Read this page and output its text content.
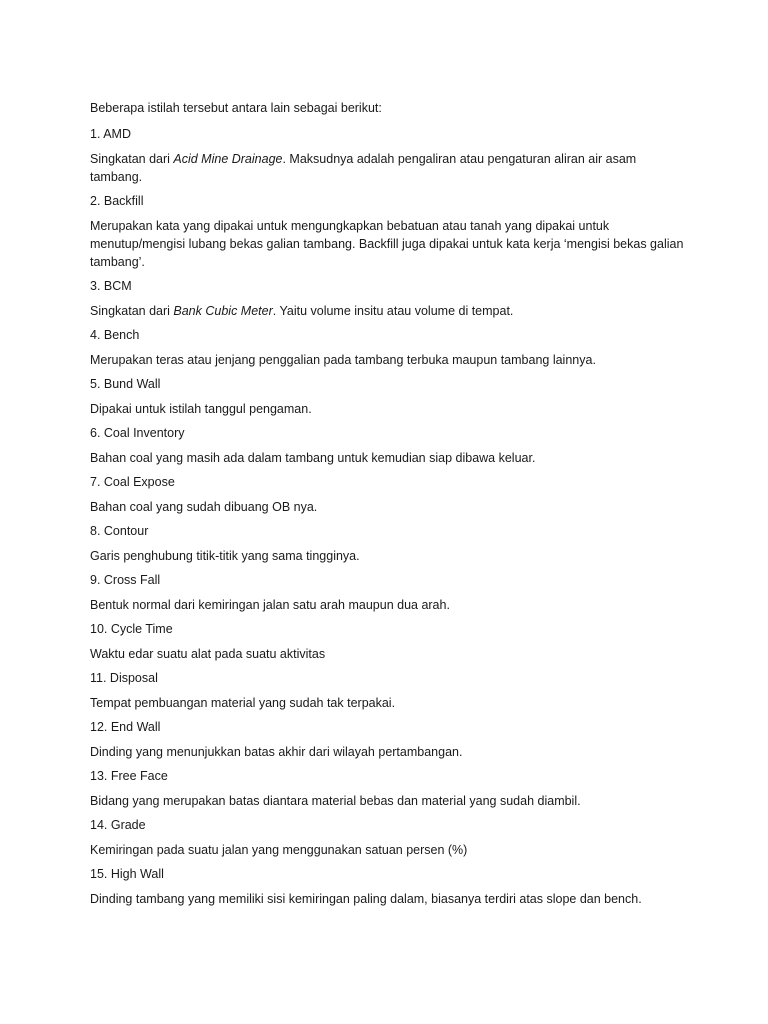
Beberapa istilah tersebut antara lain sebagai berikut:

1. AMD

Singkatan dari Acid Mine Drainage. Maksudnya adalah pengaliran atau pengaturan aliran air asam tambang.

2. Backfill

Merupakan kata yang dipakai untuk mengungkapkan bebatuan atau tanah yang dipakai untuk menutup/mengisi lubang bekas galian tambang. Backfill juga dipakai untuk kata kerja ‘mengisi bekas galian tambang’.

3. BCM

Singkatan dari Bank Cubic Meter. Yaitu volume insitu atau volume di tempat.

4. Bench

Merupakan teras atau jenjang penggalian pada tambang terbuka maupun tambang lainnya.

5. Bund Wall

Dipakai untuk istilah tanggul pengaman.

6. Coal Inventory

Bahan coal yang masih ada dalam tambang untuk kemudian siap dibawa keluar.

7. Coal Expose

Bahan coal yang sudah dibuang OB nya.

8. Contour

Garis penghubung titik-titik yang sama tingginya.

9. Cross Fall

Bentuk normal dari kemiringan jalan satu arah maupun dua arah.

10. Cycle Time

Waktu edar suatu alat pada suatu aktivitas

11. Disposal

Tempat pembuangan material yang sudah tak terpakai.

12. End Wall

Dinding yang menunjukkan batas akhir dari wilayah pertambangan.

13. Free Face

Bidang yang merupakan batas diantara material bebas dan material yang sudah diambil.

14. Grade

Kemiringan pada suatu jalan yang menggunakan satuan persen (%)

15. High Wall

Dinding tambang yang memiliki sisi kemiringan paling dalam, biasanya terdiri atas slope dan bench.
